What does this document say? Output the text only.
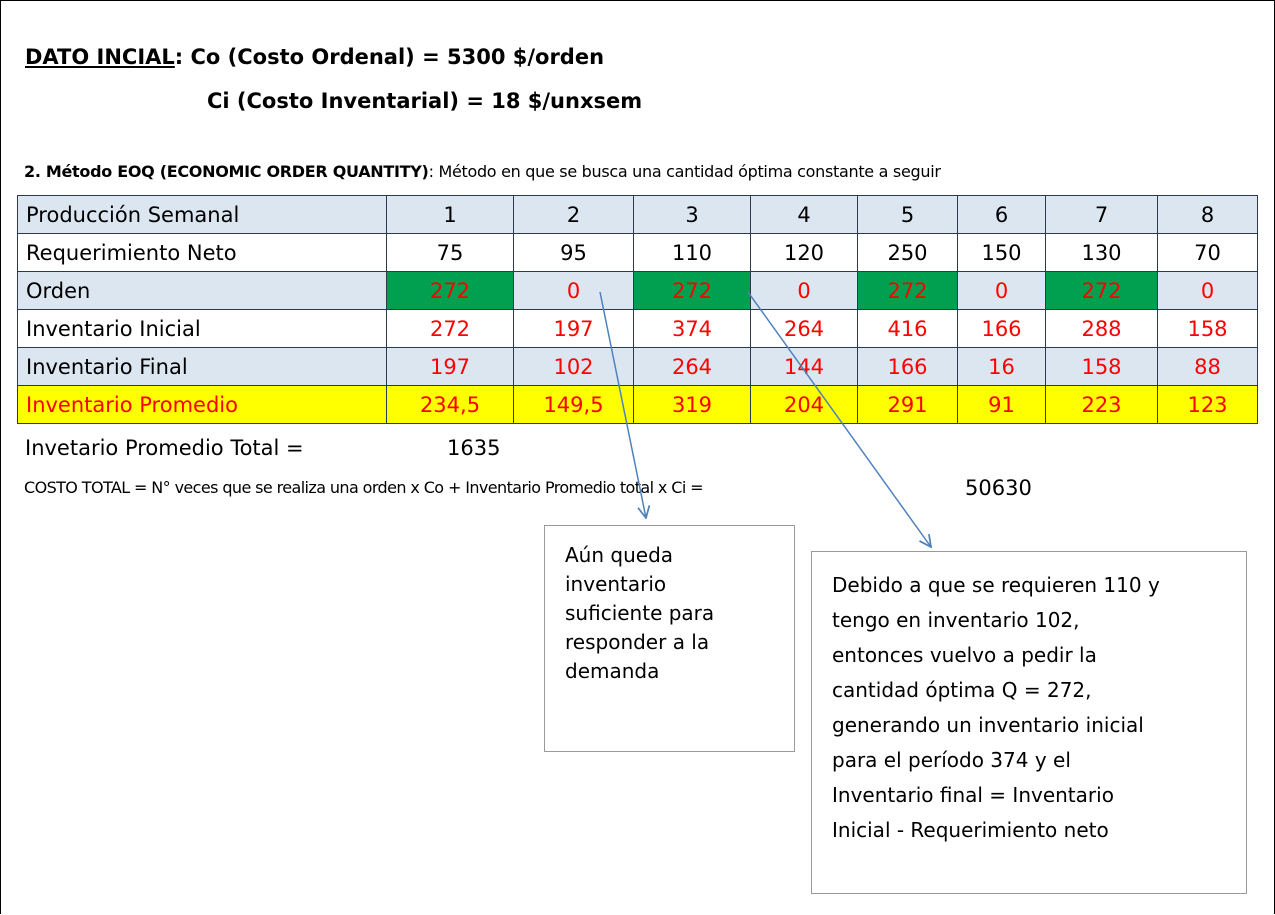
DATO INCIAL: Co (Costo Ordenal) = 5300 $/orden
Ci (Costo Inventarial) = 18 $/unxsem
2. Método EOQ (ECONOMIC ORDER QUANTITY): Método en que se busca una cantidad óptima constante a seguir
Producción Semanal	1	2	3	4	5	6	7	8
Requerimiento Neto	75	95	110	120	250	150	130	70
Orden	272	0	272	0	272	0	272	0
Inventario Inicial	272	197	374	264	416	166	288	158
Inventario Final	197	102	264	144	166	16	158	88
Inventario Promedio	234,5	149,5	319	204	291	91	223	123
Invetario Promedio Total =	1635
COSTO TOTAL = N° veces que se realiza una orden x Co + Inventario Promedio total x Ci =	50630
Aún queda
inventario
suficiente para
responder a la
demanda
Debido a que se requieren 110 y
tengo en inventario 102,
entonces vuelvo a pedir la
cantidad óptima Q = 272,
generando un inventario inicial
para el período 374 y el
Inventario final = Inventario
Inicial - Requerimiento neto
